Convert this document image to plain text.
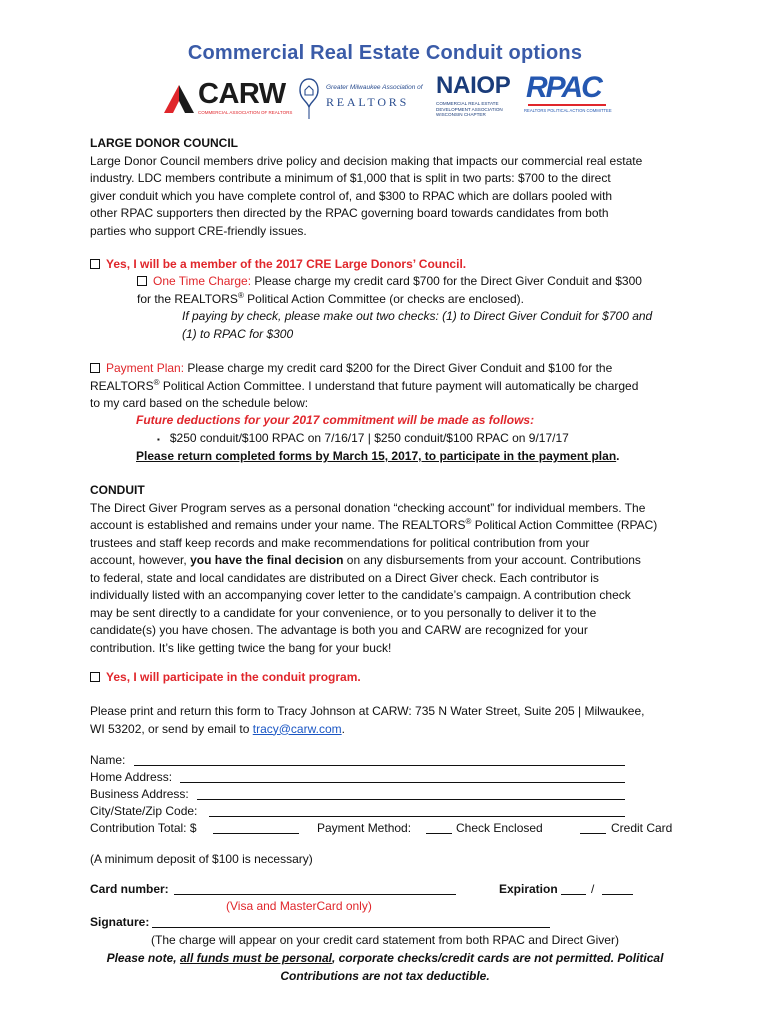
Commercial Real Estate Conduit options
CARW
COMMERCIAL ASSOCIATION OF REALTORS
Greater Milwaukee Association of
REALTORS
NAIOP
COMMERCIAL REAL ESTATE
DEVELOPMENT ASSOCIATION
WISCONSIN CHAPTER
RPAC
REALTORS POLITICAL ACTION COMMITTEE
LARGE DONOR COUNCIL
Large Donor Council members drive policy and decision making that impacts our commercial real estate
industry. LDC members contribute a minimum of $1,000 that is split in two parts: $700 to the direct
giver conduit which you have complete control of, and $300 to RPAC which are dollars pooled with
other RPAC supporters then directed by the RPAC governing board towards candidates from both
parties who support CRE-friendly issues.
Yes, I will be a member of the 2017 CRE Large Donors’ Council.
One Time Charge: Please charge my credit card $700 for the Direct Giver Conduit and $300
for the REALTORS® Political Action Committee (or checks are enclosed).
If paying by check, please make out two checks: (1) to Direct Giver Conduit for $700 and
(1) to RPAC for $300
Payment Plan: Please charge my credit card $200 for the Direct Giver Conduit and $100 for the
REALTORS® Political Action Committee. I understand that future payment will automatically be charged
to my card based on the schedule below:
Future deductions for your 2017 commitment will be made as follows:
▪ $250 conduit/$100 RPAC on 7/16/17 | $250 conduit/$100 RPAC on 9/17/17
Please return completed forms by March 15, 2017, to participate in the payment plan.
CONDUIT
The Direct Giver Program serves as a personal donation “checking account” for individual members. The
account is established and remains under your name. The REALTORS® Political Action Committee (RPAC)
trustees and staff keep records and make recommendations for political contribution from your
account, however, you have the final decision on any disbursements from your account. Contributions
to federal, state and local candidates are distributed on a Direct Giver check. Each contributor is
individually listed with an accompanying cover letter to the candidate’s campaign. A contribution check
may be sent directly to a candidate for your convenience, or to you personally to deliver it to the
candidate(s) you have chosen. The advantage is both you and CARW are recognized for your
contribution. It’s like getting twice the bang for your buck!
Yes, I will participate in the conduit program.
Please print and return this form to Tracy Johnson at CARW: 735 N Water Street, Suite 205 | Milwaukee,
WI 53202, or send by email to tracy@carw.com.
Name:
Home Address:
Business Address:
City/State/Zip Code:
Contribution Total: $	Payment Method:	Check Enclosed	Credit Card
(A minimum deposit of $100 is necessary)
Card number:	Expiration	/
(Visa and MasterCard only)
Signature:
(The charge will appear on your credit card statement from both RPAC and Direct Giver)
Please note, all funds must be personal, corporate checks/credit cards are not permitted. Political
Contributions are not tax deductible.
